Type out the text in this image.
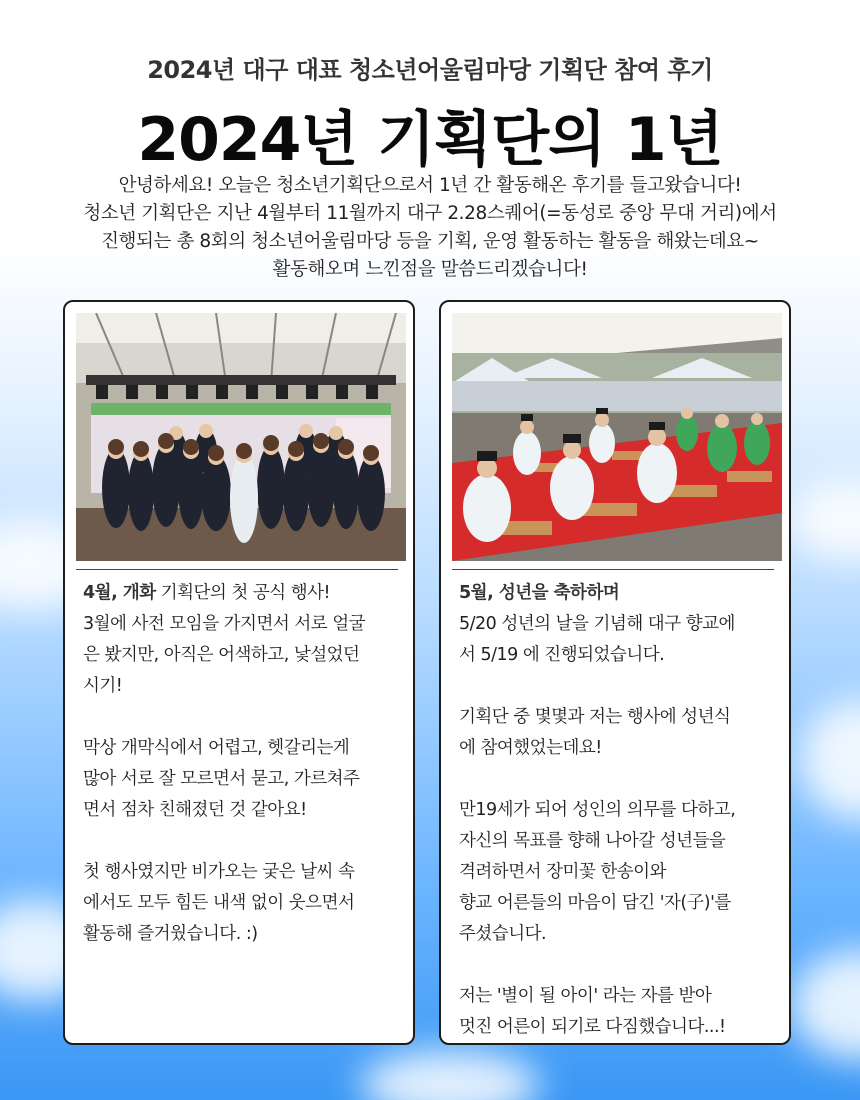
2024년 대구 대표 청소년어울림마당 기획단 참여 후기
2024년 기획단의 1년
안녕하세요! 오늘은 청소년기획단으로서 1년 간 활동해온 후기를 들고왔습니다!
청소년 기획단은 지난 4월부터 11월까지 대구 2.28스퀘어(=동성로 중앙 무대 거리)에서
진행되는 총 8회의 청소년어울림마당 등을 기획, 운영 활동하는 활동을 해왔는데요~
활동해오며 느낀점을 말씀드리겠습니다!
4월, 개화 기획단의 첫 공식 행사!
3월에 사전 모임을 가지면서 서로 얼굴
은 봤지만, 아직은 어색하고, 낯설었던
시기!
막상 개막식에서 어렵고, 헷갈리는게
많아 서로 잘 모르면서 묻고, 가르쳐주
면서 점차 친해졌던 것 같아요!
첫 행사였지만 비가오는 궂은 날씨 속
에서도 모두 힘든 내색 없이 웃으면서
활동해 즐거웠습니다. :)
5월, 성년을 축하하며
5/20 성년의 날을 기념해 대구 향교에
서 5/19 에 진행되었습니다.
기획단 중 몇몇과 저는 행사에 성년식
에 참여했었는데요!
만19세가 되어 성인의 의무를 다하고,
자신의 목표를 향해 나아갈 성년들을
격려하면서 장미꽃 한송이와
향교 어른들의 마음이 담긴 '자(子)'를
주셨습니다.
저는 '별이 될 아이' 라는 자를 받아
멋진 어른이 되기로 다짐했습니다...!
